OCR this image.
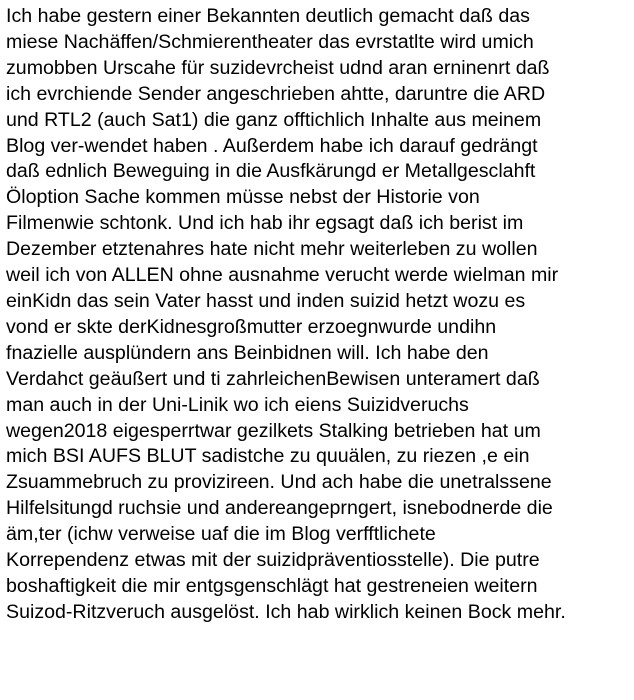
Ich habe gestern einer Bekannten deutlich gemacht daß das
miese Nachäffen/Schmierentheater das evrstatlte wird umich
zumobben Urscahe für suzidevrcheist udnd aran erninenrt daß
ich evrchiende Sender angeschrieben ahtte, daruntre die ARD
und RTL2 (auch Sat1) die ganz offtichlich Inhalte aus meinem
Blog ver-wendet haben . Außerdem habe ich darauf gedrängt
daß ednlich Beweguing in die Ausfkärungd er Metallgesclahft
Öloption Sache kommen müsse nebst der Historie von
Filmenwie schtonk. Und ich hab ihr egsagt daß ich berist im
Dezember etztenahres hate nicht mehr weiterleben zu wollen
weil ich von ALLEN ohne ausnahme verucht werde wielman mir
einKidn das sein Vater hasst und inden suizid hetzt wozu es
vond er skte derKidnesgroßmutter erzoegnwurde undihn
fnazielle ausplündern ans Beinbidnen will. Ich habe den
Verdahct geäußert und ti zahrleichenBewisen unteramert daß
man auch in der Uni-Linik wo ich eiens Suizidveruchs
wegen2018 eigesperrtwar gezilkets Stalking betrieben hat um
mich BSI AUFS BLUT sadistche zu quuälen, zu riezen ,e ein
Zsuammebruch zu provizireen. Und ach habe die unetralssene
Hilfelsitungd ruchsie und andereangeprngert, isnebodnerde die
äm,ter (ichw verweise uaf die im Blog verfftlichete
Korrependenz etwas mit der suizidpräventiosstelle). Die putre
boshaftigkeit die mir entgsgenschlägt hat gestreneien weitern
Suizod-Ritzveruch ausgelöst. Ich hab wirklich keinen Bock mehr.
